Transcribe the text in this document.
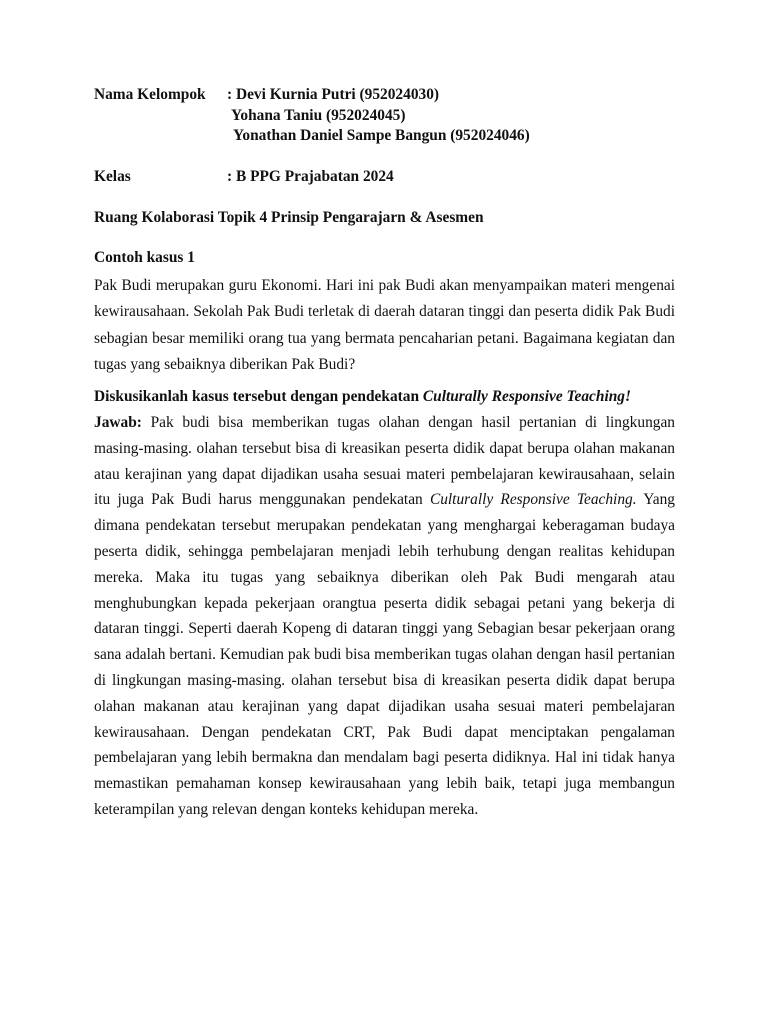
Nama Kelompok : Devi Kurnia Putri (952024030)
Yohana Taniu (952024045)
Yonathan Daniel Sampe Bangun (952024046)
Kelas	: B PPG Prajabatan 2024
Ruang Kolaborasi Topik 4 Prinsip Pengarajarn & Asesmen
Contoh kasus 1
Pak Budi merupakan guru Ekonomi. Hari ini pak Budi akan menyampaikan materi mengenai kewirausahaan. Sekolah Pak Budi terletak di daerah dataran tinggi dan peserta didik Pak Budi sebagian besar memiliki orang tua yang bermata pencaharian petani. Bagaimana kegiatan dan tugas yang sebaiknya diberikan Pak Budi?
Diskusikanlah kasus tersebut dengan pendekatan Culturally Responsive Teaching!
Jawab: Pak budi bisa memberikan tugas olahan dengan hasil pertanian di lingkungan masing-masing. olahan tersebut bisa di kreasikan peserta didik dapat berupa olahan makanan atau kerajinan yang dapat dijadikan usaha sesuai materi pembelajaran kewirausahaan, selain itu juga Pak Budi harus menggunakan pendekatan Culturally Responsive Teaching. Yang dimana pendekatan tersebut merupakan pendekatan yang menghargai keberagaman budaya peserta didik, sehingga pembelajaran menjadi lebih terhubung dengan realitas kehidupan mereka. Maka itu tugas yang sebaiknya diberikan oleh Pak Budi mengarah atau menghubungkan kepada pekerjaan orangtua peserta didik sebagai petani yang bekerja di dataran tinggi. Seperti daerah Kopeng di dataran tinggi yang Sebagian besar pekerjaan orang sana adalah bertani. Kemudian pak budi bisa memberikan tugas olahan dengan hasil pertanian di lingkungan masing-masing. olahan tersebut bisa di kreasikan peserta didik dapat berupa olahan makanan atau kerajinan yang dapat dijadikan usaha sesuai materi pembelajaran kewirausahaan. Dengan pendekatan CRT, Pak Budi dapat menciptakan pengalaman pembelajaran yang lebih bermakna dan mendalam bagi peserta didiknya. Hal ini tidak hanya memastikan pemahaman konsep kewirausahaan yang lebih baik, tetapi juga membangun keterampilan yang relevan dengan konteks kehidupan mereka.
